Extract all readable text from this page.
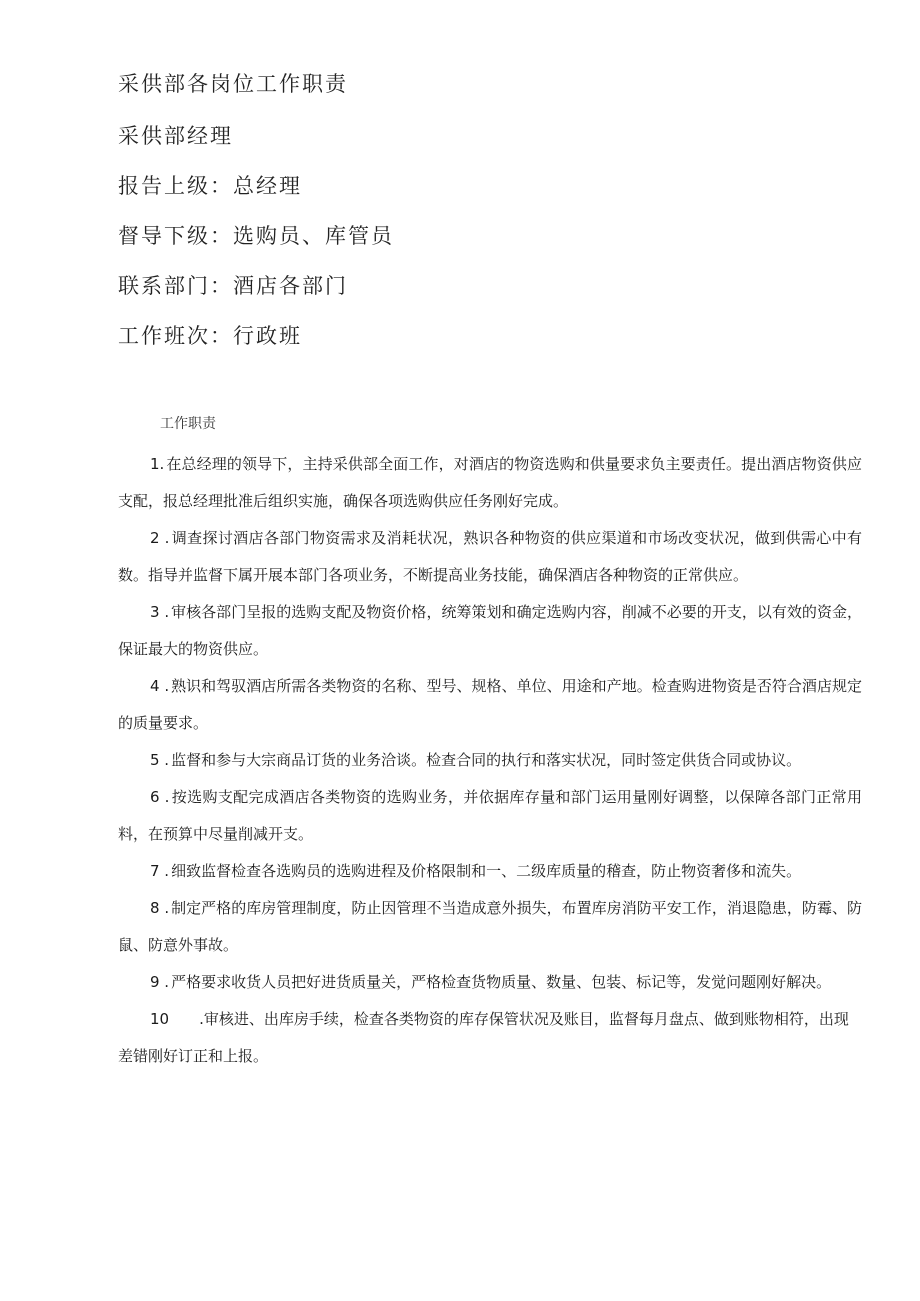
采供部各岗位工作职责
采供部经理
报告上级：总经理
督导下级：选购员、库管员
联系部门：酒店各部门
工作班次：行政班
工作职责

1. 在总经理的领导下，主持采供部全面工作，对酒店的物资选购和供量要求负主要责任。提出酒店物资供应支配，报总经理批准后组织实施，确保各项选购供应任务刚好完成。

2 . 调查探讨酒店各部门物资需求及消耗状况，熟识各种物资的供应渠道和市场改变状况，做到供需心中有数。指导并监督下属开展本部门各项业务，不断提高业务技能，确保酒店各种物资的正常供应。

3 . 审核各部门呈报的选购支配及物资价格，统筹策划和确定选购内容，削减不必要的开支，以有效的资金，保证最大的物资供应。

4 . 熟识和驾驭酒店所需各类物资的名称、型号、规格、单位、用途和产地。检查购进物资是否符合酒店规定的质量要求。

5 . 监督和参与大宗商品订货的业务洽谈。检查合同的执行和落实状况，同时签定供货合同或协议。

6 . 按选购支配完成酒店各类物资的选购业务，并依据库存量和部门运用量刚好调整，以保障各部门正常用料，在预算中尽量削减开支。

7 . 细致监督检查各选购员的选购进程及价格限制和一、二级库质量的稽查，防止物资奢侈和流失。

8 . 制定严格的库房管理制度，防止因管理不当造成意外损失，布置库房消防平安工作，消退隐患，防霉、防鼠、防意外事故。

9 . 严格要求收货人员把好进货质量关，严格检查货物质量、数量、包装、标记等，发觉问题刚好解决。

10 .审核进、出库房手续，检查各类物资的库存保管状况及账目，监督每月盘点、做到账物相符，出现差错刚好订正和上报。
